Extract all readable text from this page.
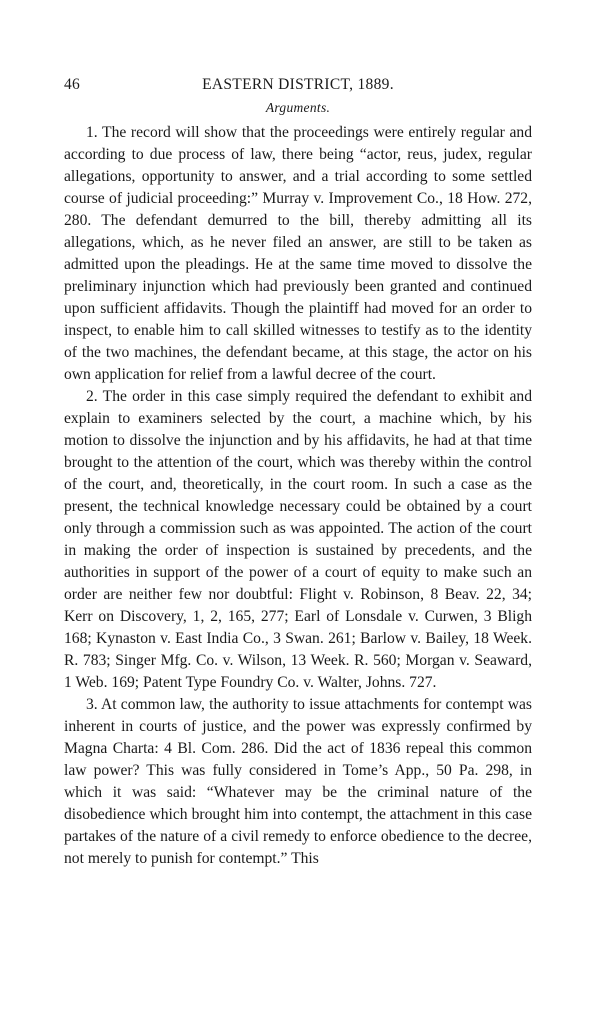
46	EASTERN DISTRICT, 1889.
Arguments.

1. The record will show that the proceedings were entirely regular and according to due process of law, there being “actor, reus, judex, regular allegations, opportunity to answer, and a trial according to some settled course of judicial proceeding:” Murray v. Improvement Co., 18 How. 272, 280. The defendant demurred to the bill, thereby admitting all its allegations, which, as he never filed an answer, are still to be taken as admitted upon the pleadings. He at the same time moved to dissolve the preliminary injunction which had previously been granted and continued upon sufficient affidavits. Though the plaintiff had moved for an order to inspect, to enable him to call skilled witnesses to testify as to the identity of the two machines, the defendant became, at this stage, the actor on his own application for relief from a lawful decree of the court.

2. The order in this case simply required the defendant to exhibit and explain to examiners selected by the court, a machine which, by his motion to dissolve the injunction and by his affidavits, he had at that time brought to the attention of the court, which was thereby within the control of the court, and, theoretically, in the court room. In such a case as the present, the technical knowledge necessary could be obtained by a court only through a commission such as was appointed. The action of the court in making the order of inspection is sustained by precedents, and the authorities in support of the power of a court of equity to make such an order are neither few nor doubtful: Flight v. Robinson, 8 Beav. 22, 34; Kerr on Discovery, 1, 2, 165, 277; Earl of Lonsdale v. Curwen, 3 Bligh 168; Kynaston v. East India Co., 3 Swan. 261; Barlow v. Bailey, 18 Week. R. 783; Singer Mfg. Co. v. Wilson, 13 Week. R. 560; Morgan v. Seaward, 1 Web. 169; Patent Type Foundry Co. v. Walter, Johns. 727.

3. At common law, the authority to issue attachments for contempt was inherent in courts of justice, and the power was expressly confirmed by Magna Charta: 4 Bl. Com. 286. Did the act of 1836 repeal this common law power? This was fully considered in Tome’s App., 50 Pa. 298, in which it was said: “Whatever may be the criminal nature of the disobedience which brought him into contempt, the attachment in this case partakes of the nature of a civil remedy to enforce obedience to the decree, not merely to punish for contempt.” This
